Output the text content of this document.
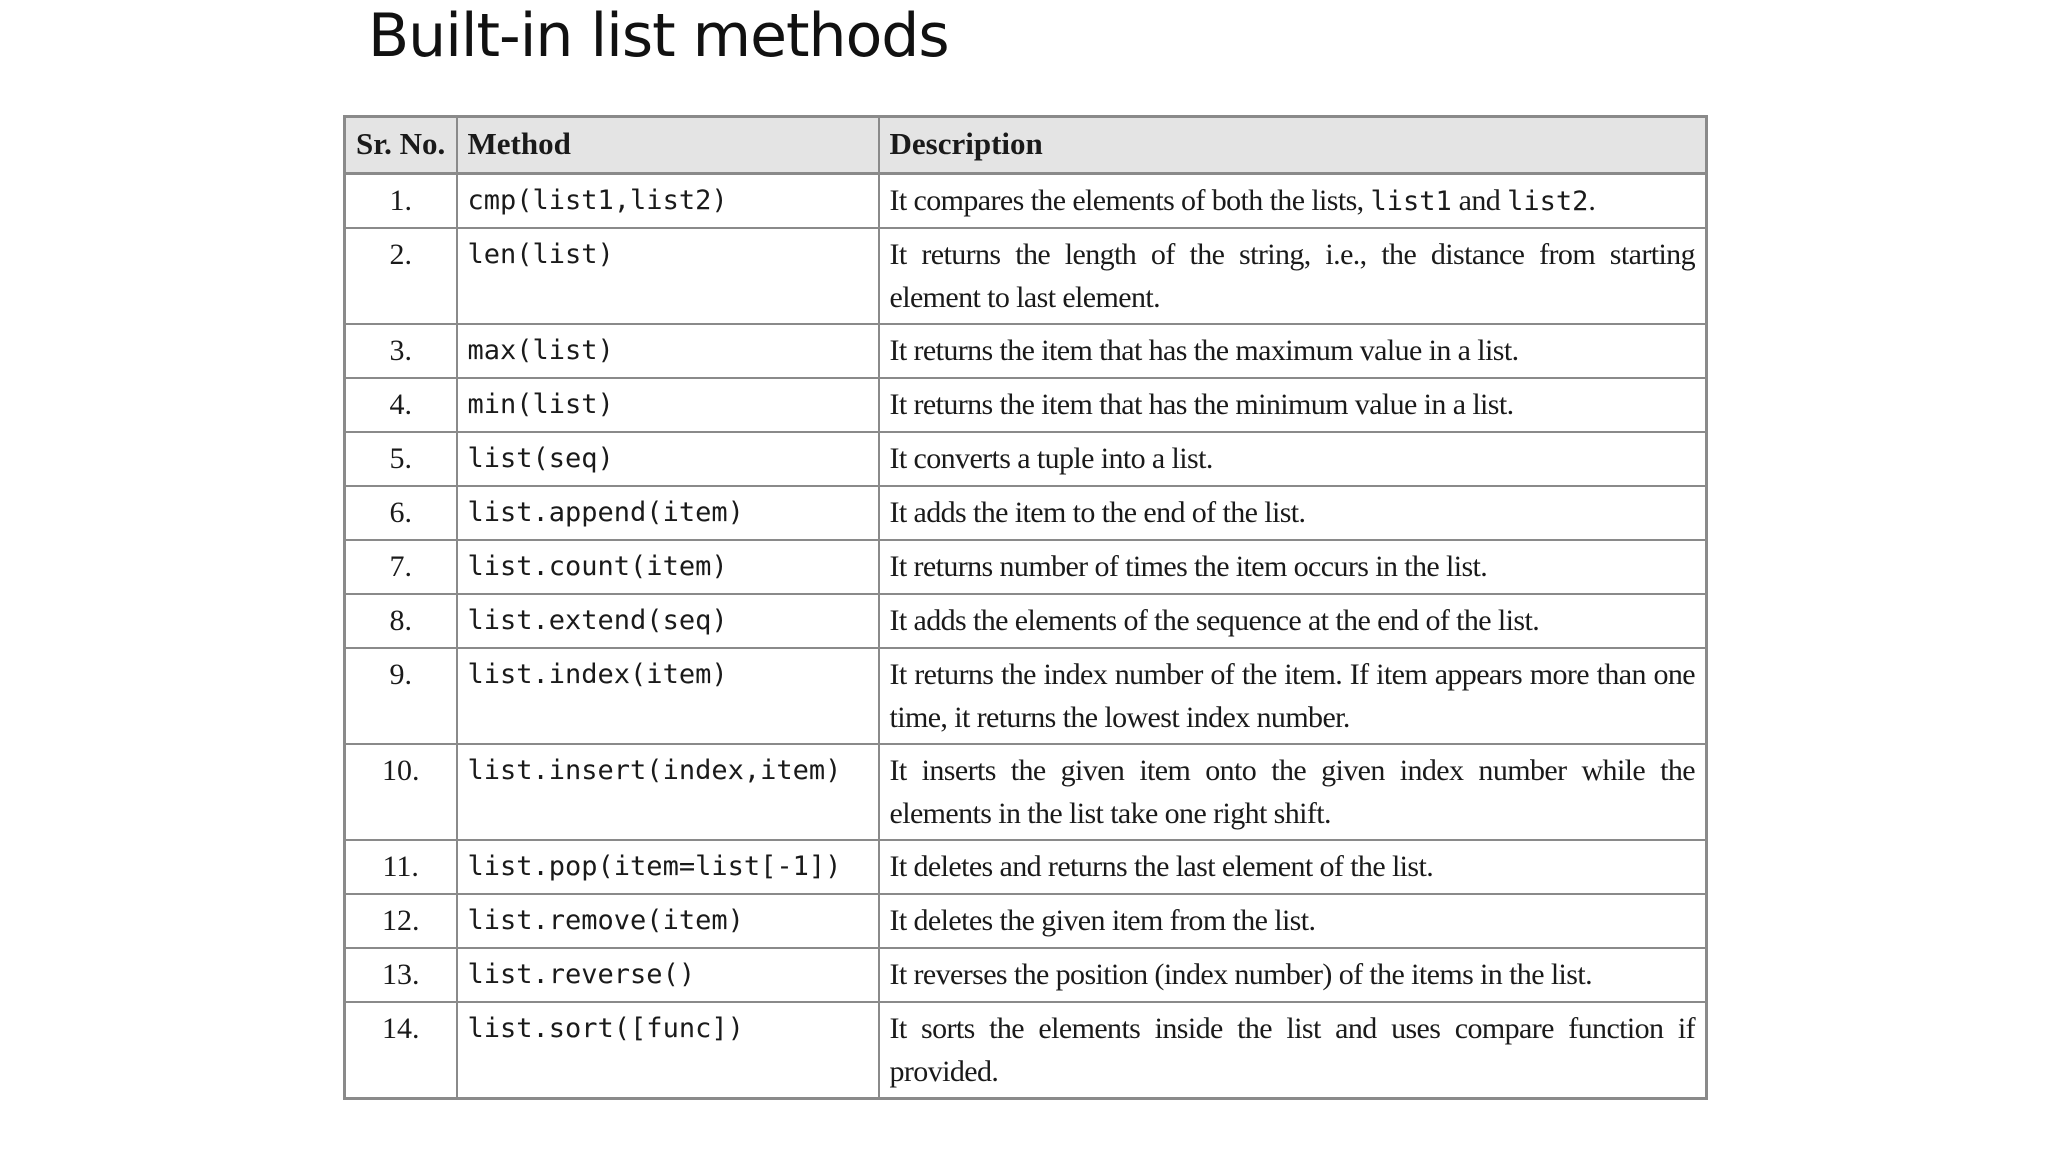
Built-in list methods
Sr. No.	Method	Description
1.	cmp(list1,list2)	It compares the elements of both the lists, list1 and list2.
2.	len(list)	It returns the length of the string, i.e., the distance from starting element to last element.
3.	max(list)	It returns the item that has the maximum value in a list.
4.	min(list)	It returns the item that has the minimum value in a list.
5.	list(seq)	It converts a tuple into a list.
6.	list.append(item)	It adds the item to the end of the list.
7.	list.count(item)	It returns number of times the item occurs in the list.
8.	list.extend(seq)	It adds the elements of the sequence at the end of the list.
9.	list.index(item)	It returns the index number of the item. If item appears more than one time, it returns the lowest index number.
10.	list.insert(index,item)	It inserts the given item onto the given index number while the elements in the list take one right shift.
11.	list.pop(item=list[-1])	It deletes and returns the last element of the list.
12.	list.remove(item)	It deletes the given item from the list.
13.	list.reverse()	It reverses the position (index number) of the items in the list.
14.	list.sort([func])	It sorts the elements inside the list and uses compare function if provided.
